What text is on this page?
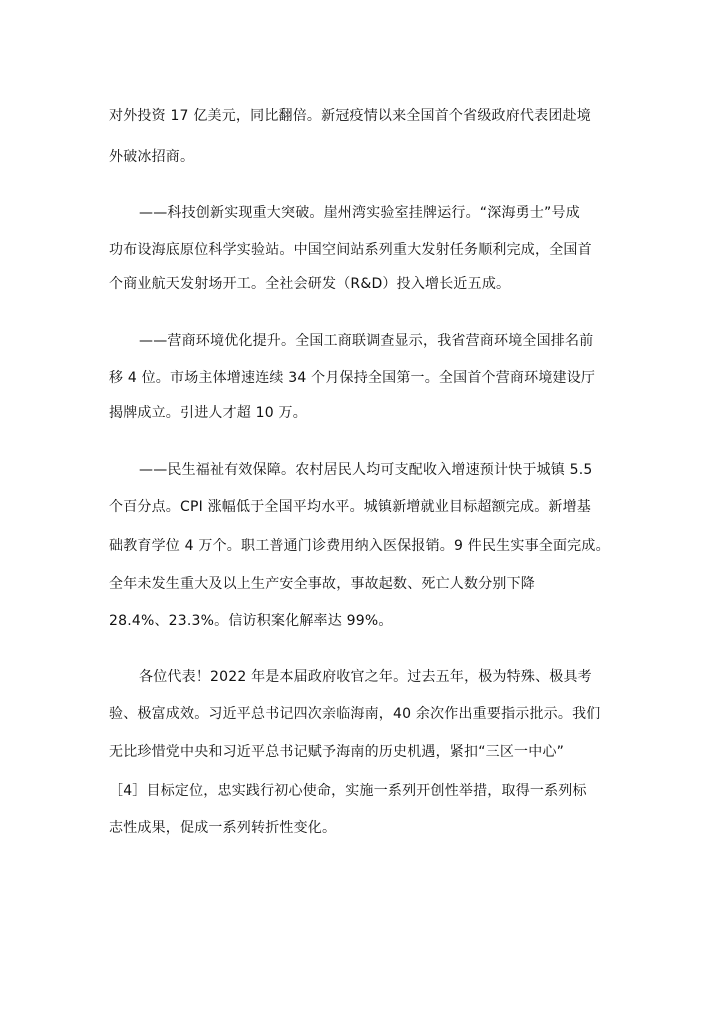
对外投资 17 亿美元，同比翻倍。新冠疫情以来全国首个省级政府代表团赴境
外破冰招商。
——科技创新实现重大突破。崖州湾实验室挂牌运行。“深海勇士”号成
功布设海底原位科学实验站。中国空间站系列重大发射任务顺利完成，全国首
个商业航天发射场开工。全社会研发（R&D）投入增长近五成。
——营商环境优化提升。全国工商联调查显示，我省营商环境全国排名前
移 4 位。市场主体增速连续 34 个月保持全国第一。全国首个营商环境建设厅
揭牌成立。引进人才超 10 万。
——民生福祉有效保障。农村居民人均可支配收入增速预计快于城镇 5.5
个百分点。CPI 涨幅低于全国平均水平。城镇新增就业目标超额完成。新增基
础教育学位 4 万个。职工普通门诊费用纳入医保报销。9 件民生实事全面完成。
全年未发生重大及以上生产安全事故，事故起数、死亡人数分别下降
28.4%、23.3%。信访积案化解率达 99%。
各位代表！2022 年是本届政府收官之年。过去五年，极为特殊、极具考
验、极富成效。习近平总书记四次亲临海南，40 余次作出重要指示批示。我们
无比珍惜党中央和习近平总书记赋予海南的历史机遇，紧扣“三区一中心”
［4］目标定位，忠实践行初心使命，实施一系列开创性举措，取得一系列标
志性成果，促成一系列转折性变化。
